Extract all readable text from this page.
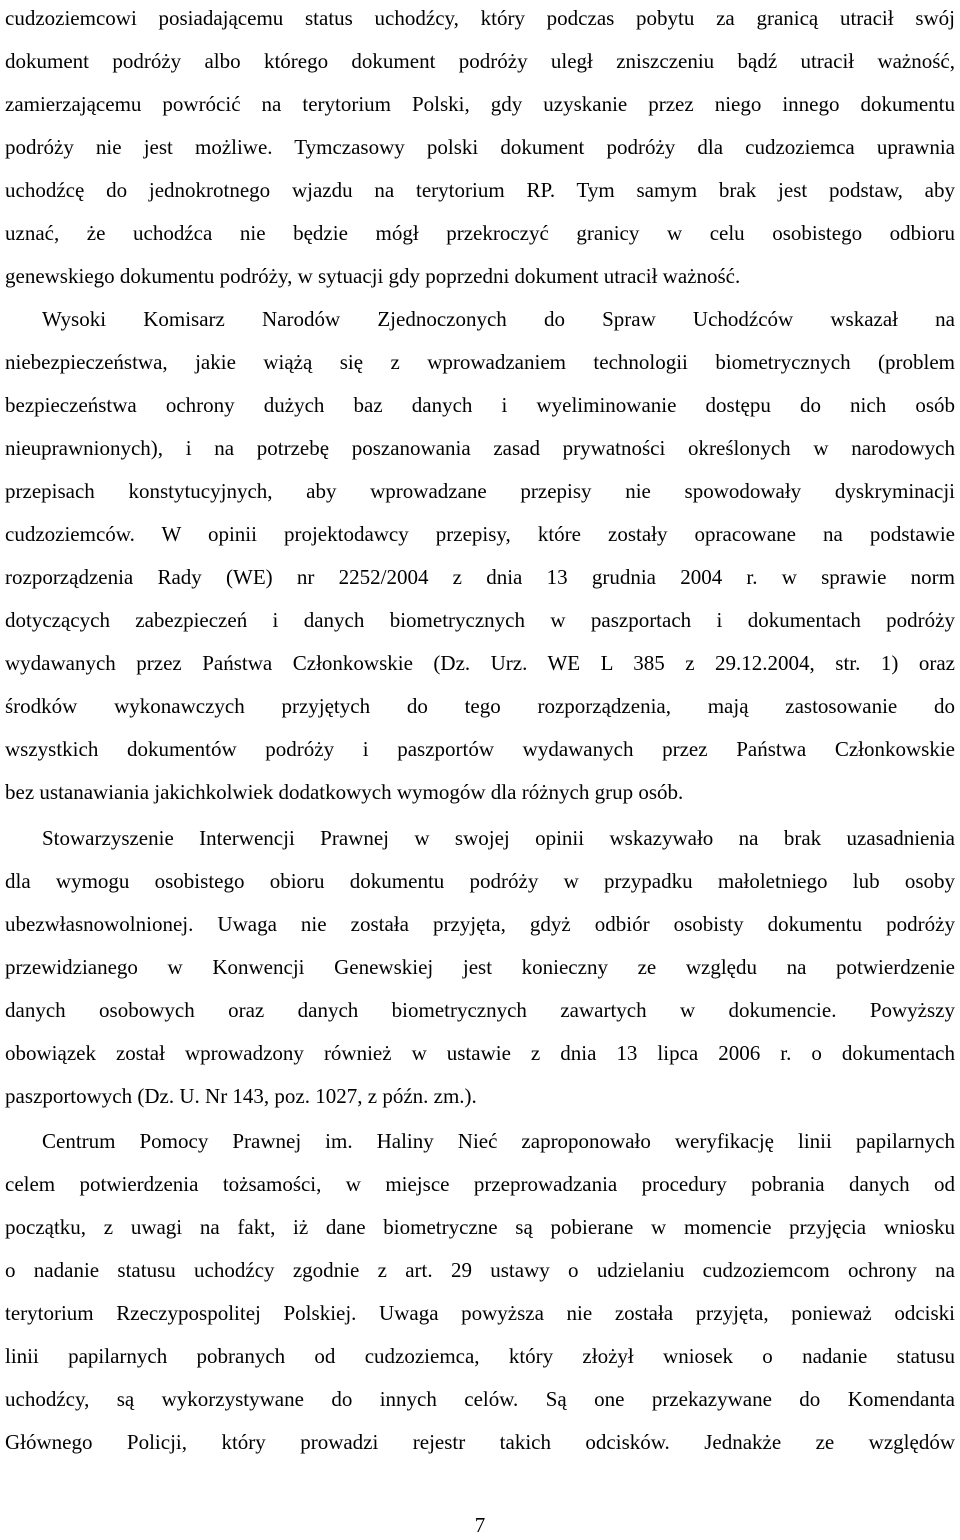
cudzoziemcowi posiadającemu status uchodźcy, który podczas pobytu za granicą utracił swój
dokument podróży albo którego dokument podróży uległ zniszczeniu bądź utracił ważność,
zamierzającemu powrócić na terytorium Polski, gdy uzyskanie przez niego innego dokumentu
podróży nie jest możliwe. Tymczasowy polski dokument podróży dla cudzoziemca uprawnia
uchodźcę do jednokrotnego wjazdu na terytorium RP. Tym samym brak jest podstaw, aby
uznać, że uchodźca nie będzie mógł przekroczyć granicy w celu osobistego odbioru
genewskiego dokumentu podróży, w sytuacji gdy poprzedni dokument utracił ważność.
Wysoki Komisarz Narodów Zjednoczonych do Spraw Uchodźców wskazał na
niebezpieczeństwa, jakie wiążą się z wprowadzaniem technologii biometrycznych (problem
bezpieczeństwa ochrony dużych baz danych i wyeliminowanie dostępu do nich osób
nieuprawnionych), i na potrzebę poszanowania zasad prywatności określonych w narodowych
przepisach konstytucyjnych, aby wprowadzane przepisy nie spowodowały dyskryminacji
cudzoziemców. W opinii projektodawcy przepisy, które zostały opracowane na podstawie
rozporządzenia Rady (WE) nr 2252/2004 z dnia 13 grudnia 2004 r. w sprawie norm
dotyczących zabezpieczeń i danych biometrycznych w paszportach i dokumentach podróży
wydawanych przez Państwa Członkowskie (Dz. Urz. WE L 385 z 29.12.2004, str. 1) oraz
środków wykonawczych przyjętych do tego rozporządzenia, mają zastosowanie do
wszystkich dokumentów podróży i paszportów wydawanych przez Państwa Członkowskie
bez ustanawiania jakichkolwiek dodatkowych wymogów dla różnych grup osób.
Stowarzyszenie Interwencji Prawnej w swojej opinii wskazywało na brak uzasadnienia
dla wymogu osobistego obioru dokumentu podróży w przypadku małoletniego lub osoby
ubezwłasnowolnionej. Uwaga nie została przyjęta, gdyż odbiór osobisty dokumentu podróży
przewidzianego w Konwencji Genewskiej jest konieczny ze względu na potwierdzenie
danych osobowych oraz danych biometrycznych zawartych w dokumencie. Powyższy
obowiązek został wprowadzony również w ustawie z dnia 13 lipca 2006 r. o dokumentach
paszportowych (Dz. U. Nr 143, poz. 1027, z późn. zm.).
Centrum Pomocy Prawnej im. Haliny Nieć zaproponowało weryfikację linii papilarnych
celem potwierdzenia tożsamości, w miejsce przeprowadzania procedury pobrania danych od
początku, z uwagi na fakt, iż dane biometryczne są pobierane w momencie przyjęcia wniosku
o nadanie statusu uchodźcy zgodnie z art. 29 ustawy o udzielaniu cudzoziemcom ochrony na
terytorium Rzeczypospolitej Polskiej. Uwaga powyższa nie została przyjęta, ponieważ odciski
linii papilarnych pobranych od cudzoziemca, który złożył wniosek o nadanie statusu
uchodźcy, są wykorzystywane do innych celów. Są one przekazywane do Komendanta
Głównego Policji, który prowadzi rejestr takich odcisków. Jednakże ze względów
7
